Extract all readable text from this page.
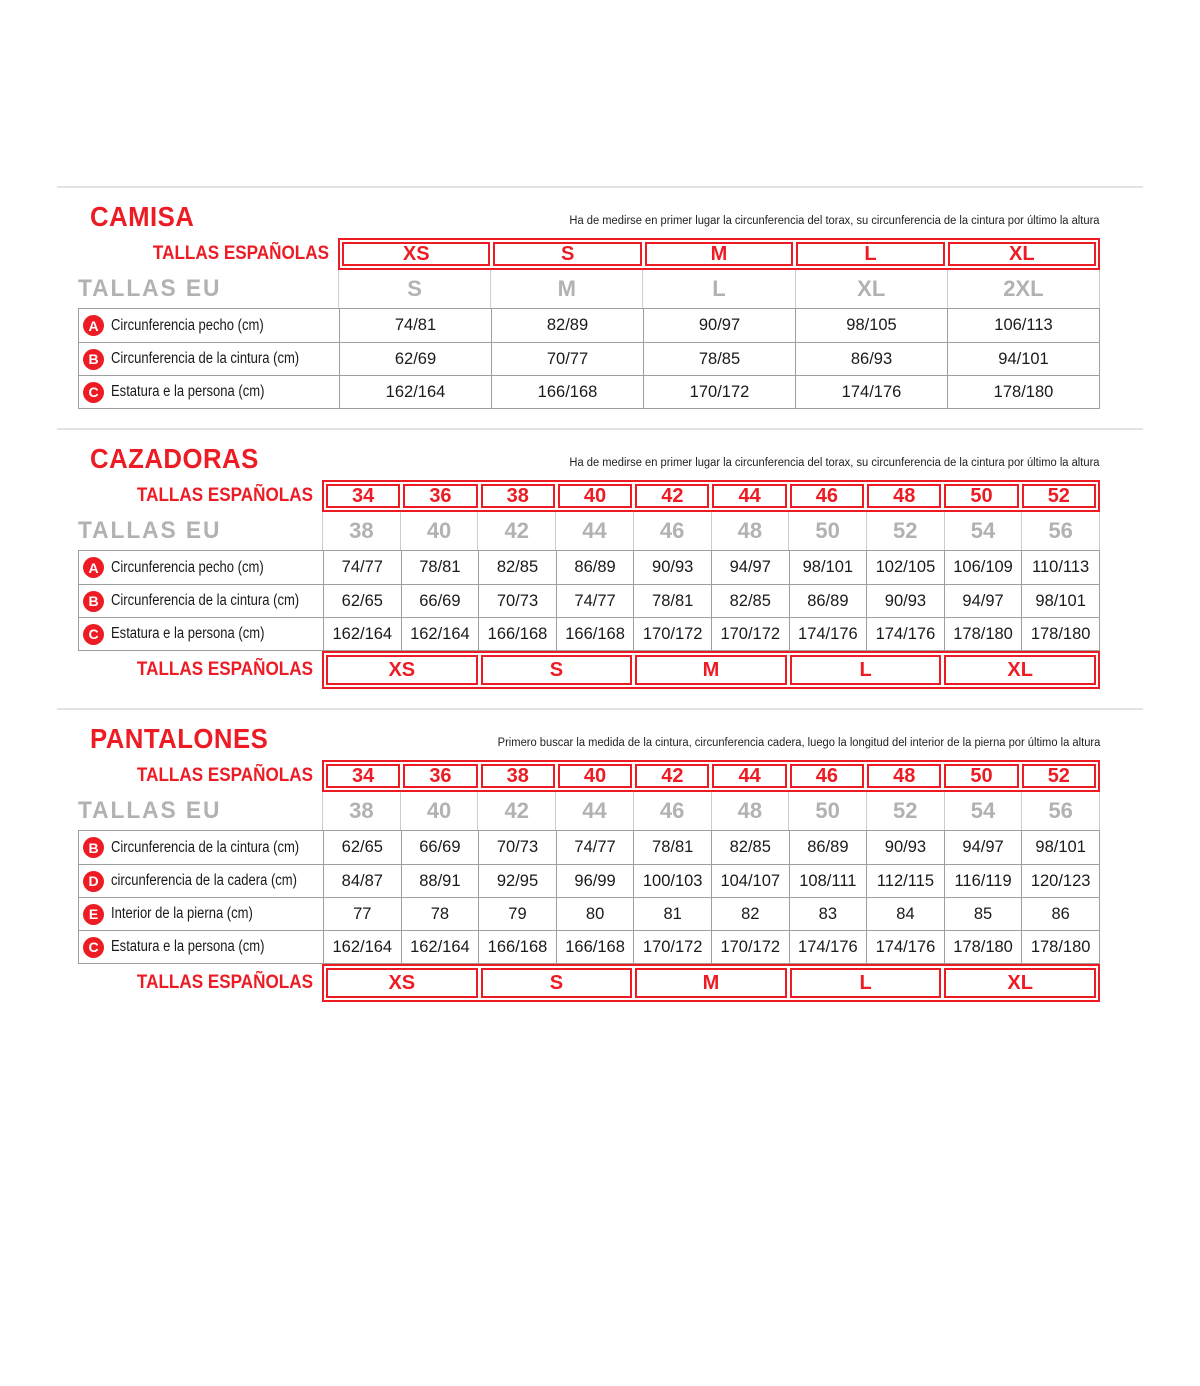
CAMISA	Ha de medirse en primer lugar la circunferencia del torax, su circunferencia de la cintura por último la altura
TALLAS ESPAÑOLAS	XS	S	M	L	XL
TALLAS EU	S	M	L	XL	2XL
A Circunferencia pecho (cm)	74/81	82/89	90/97	98/105	106/113
B Circunferencia de la cintura (cm)	62/69	70/77	78/85	86/93	94/101
C Estatura e la persona (cm)	162/164	166/168	170/172	174/176	178/180
CAZADORAS	Ha de medirse en primer lugar la circunferencia del torax, su circunferencia de la cintura por último la altura
TALLAS ESPAÑOLAS	34	36	38	40	42	44	46	48	50	52
TALLAS EU	38	40	42	44	46	48	50	52	54	56
A Circunferencia pecho (cm)	74/77	78/81	82/85	86/89	90/93	94/97	98/101	102/105	106/109	110/113
B Circunferencia de la cintura (cm)	62/65	66/69	70/73	74/77	78/81	82/85	86/89	90/93	94/97	98/101
C Estatura e la persona (cm)	162/164	162/164	166/168	166/168	170/172	170/172	174/176	174/176	178/180	178/180
TALLAS ESPAÑOLAS	XS	S	M	L	XL
PANTALONES	Primero buscar la medida de la cintura, circunferencia cadera, luego la longitud del interior de la pierna por último la altura
TALLAS ESPAÑOLAS	34	36	38	40	42	44	46	48	50	52
TALLAS EU	38	40	42	44	46	48	50	52	54	56
B Circunferencia de la cintura (cm)	62/65	66/69	70/73	74/77	78/81	82/85	86/89	90/93	94/97	98/101
D circunferencia de la cadera (cm)	84/87	88/91	92/95	96/99	100/103	104/107	108/111	112/115	116/119	120/123
E Interior de la pierna (cm)	77	78	79	80	81	82	83	84	85	86
C Estatura e la persona (cm)	162/164	162/164	166/168	166/168	170/172	170/172	174/176	174/176	178/180	178/180
TALLAS ESPAÑOLAS	XS	S	M	L	XL
